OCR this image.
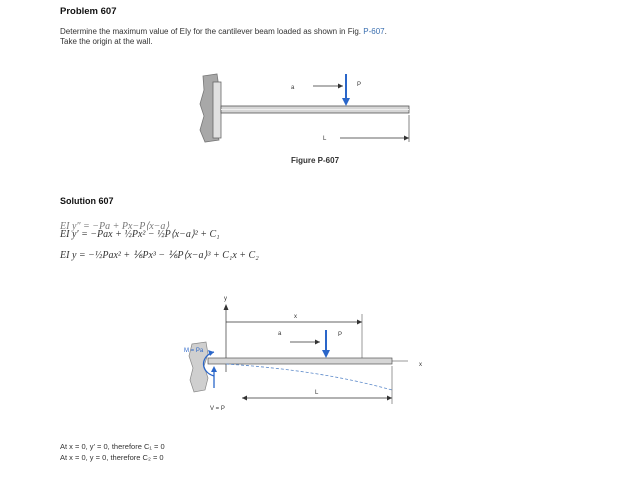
Problem 607
Determine the maximum value of EIy for the cantilever beam loaded as shown in Fig. P-607.
Take the origin at the wall.
a	P
L
Figure P-607
Solution 607
EI y″ = −Pa + Px−P⟨x−a⟩
EI y′ = −Pax + ½Px² − ½P⟨x−a⟩² + C₁
EI y = −½Pax² + ⅙Px³ − ⅙P⟨x−a⟩³ + C₁x + C₂
y
x
a
x
P
M = Pa
V = P
L
At x = 0, y′ = 0, therefore C₁ = 0
At x = 0, y = 0, therefore C₂ = 0
